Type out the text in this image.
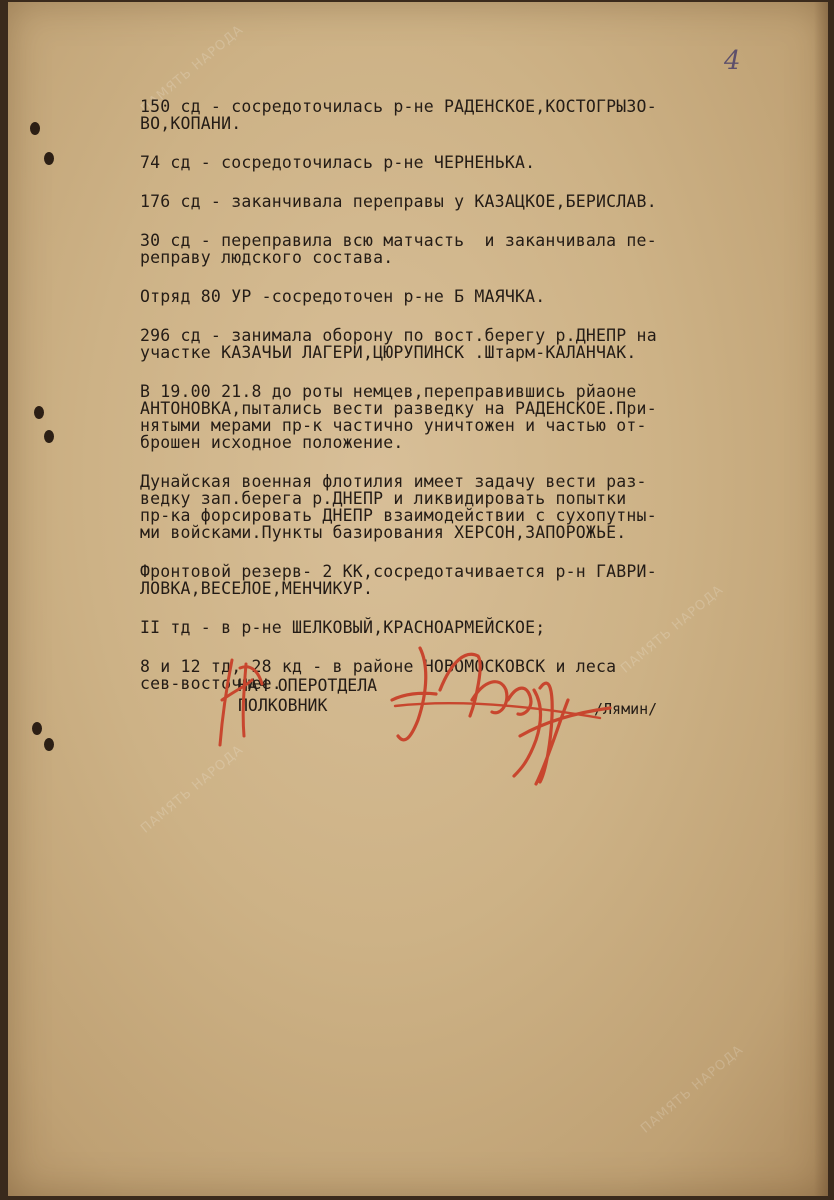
ПАМЯТЬ НАРОДА
ПАМЯТЬ НАРОДА
ПАМЯТЬ НАРОДА
ПАМЯТЬ НАРОДА
4

150 сд - сосредоточилась р-не РАДЕНСКОЕ,КОСТОГРЫЗО-
ВО,КОПАНИ.

74 сд - сосредоточилась р-не ЧЕРНЕНЬКА.

176 сд - заканчивала переправы у КАЗАЦКОЕ,БЕРИСЛАВ.

30 сд - переправила всю матчасть  и заканчивала пе-
реправу людского состава.

Отряд 80 УР -сосредоточен р-не Б МАЯЧКА.

296 сд - занимала оборону по вост.берегу р.ДНЕПР на
участке КАЗАЧЬИ ЛАГЕРИ,ЦЮРУПИНСК .Штарм-КАЛАНЧАК.

В 19.00 21.8 до роты немцев,переправившись рйаоне
АНТОНОВКА,пытались вести разведку на РАДЕНСКОЕ.При-
нятыми мерами пр-к частично уничтожен и частью от-
брошен исходное положение.

Дунайская военная флотилия имеет задачу вести раз-
ведку зап.берега р.ДНЕПР и ликвидировать попытки
пр-ка форсировать ДНЕПР взаимодействии с сухопутны-
ми войсками.Пункты базирования ХЕРСОН,ЗАПОРОЖЬЕ.

Фронтовой резерв- 2 КК,сосредотачивается р-н ГАВРИ-
ЛОВКА,ВЕСЕЛОЕ,МЕНЧИКУР.

II тд - в р-не ШЕЛКОВЫЙ,КРАСНОАРМЕЙСКОЕ;

8 и 12 тд, 28 кд - в районе НОВОМОСКОВСК и леса
сев-восточнее.

НАЧ ОПЕРОТДЕЛА
ПОЛКОВНИК	/Лямин/
